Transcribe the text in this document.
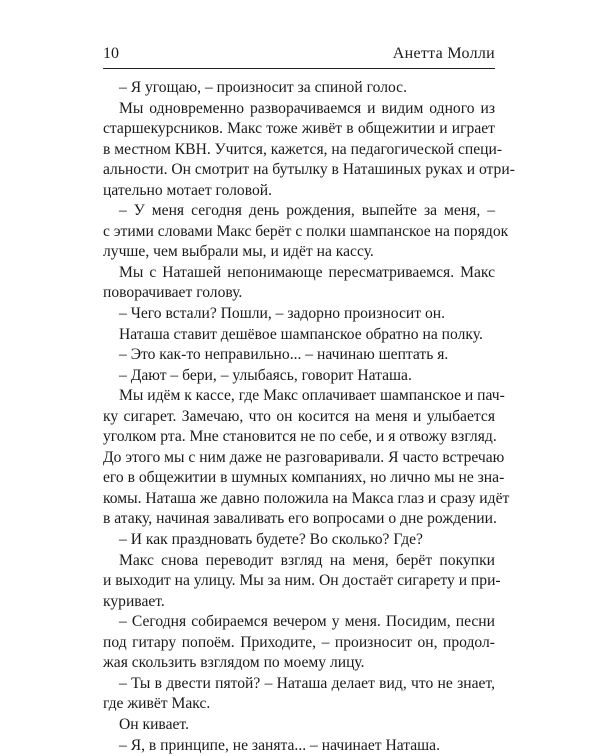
10	Анетта Молли
– Я угощаю, – произносит за спиной голос.
Мы одновременно разворачиваемся и видим одного из
старшекурсников. Макс тоже живёт в общежитии и играет
в местном КВН. Учится, кажется, на педагогической специ-
альности. Он смотрит на бутылку в Наташиных руках и отри-
цательно мотает головой.
– У меня сегодня день рождения, выпейте за меня, –
с этими словами Макс берёт с полки шампанское на порядок
лучше, чем выбрали мы, и идёт на кассу.
Мы с Наташей непонимающе пересматриваемся. Макс
поворачивает голову.
– Чего встали? Пошли, – задорно произносит он.
Наташа ставит дешёвое шампанское обратно на полку.
– Это как-то неправильно... – начинаю шептать я.
– Дают – бери, – улыбаясь, говорит Наташа.
Мы идём к кассе, где Макс оплачивает шампанское и пач-
ку сигарет. Замечаю, что он косится на меня и улыбается
уголком рта. Мне становится не по себе, и я отвожу взгляд.
До этого мы с ним даже не разговаривали. Я часто встречаю
его в общежитии в шумных компаниях, но лично мы не зна-
комы. Наташа же давно положила на Макса глаз и сразу идёт
в атаку, начиная заваливать его вопросами о дне рождении.
– И как праздновать будете? Во сколько? Где?
Макс снова переводит взгляд на меня, берёт покупки
и выходит на улицу. Мы за ним. Он достаёт сигарету и при-
куривает.
– Сегодня собираемся вечером у меня. Посидим, песни
под гитару попоём. Приходите, – произносит он, продол-
жая скользить взглядом по моему лицу.
– Ты в двести пятой? – Наташа делает вид, что не знает,
где живёт Макс.
Он кивает.
– Я, в принципе, не занята... – начинает Наташа.
